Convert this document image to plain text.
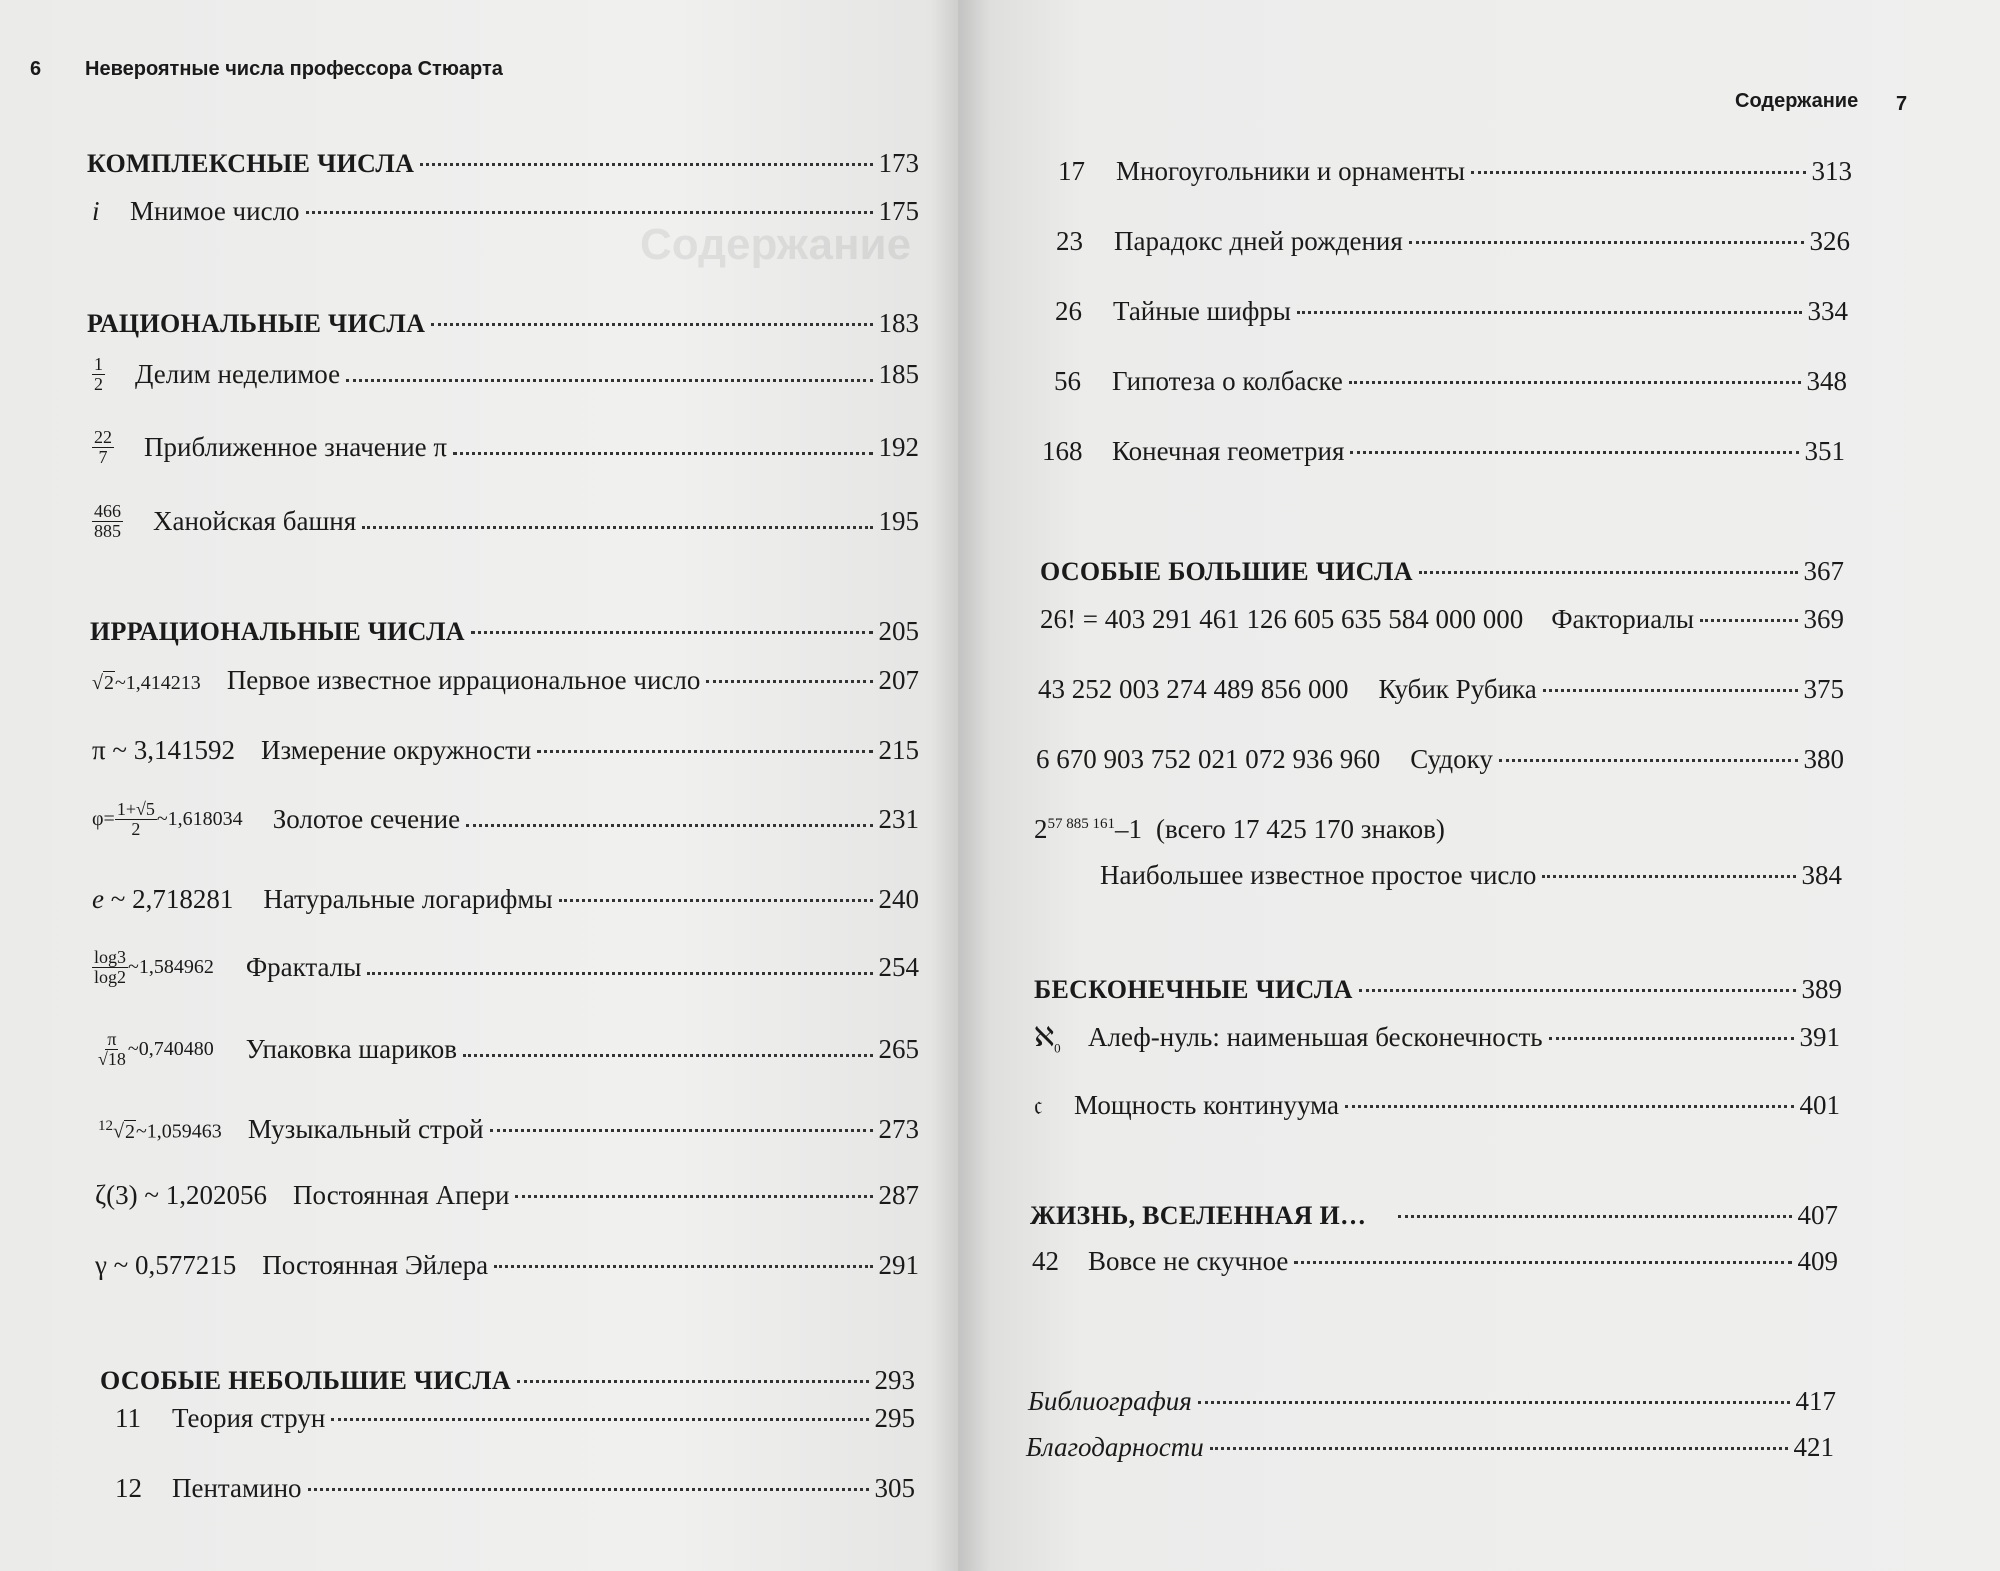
Содержание
6 Невероятные числа профессора Стюарта
Содержание 7
КОМПЛЕКСНЫЕ ЧИСЛА	173
i	Мнимое число	175
РАЦИОНАЛЬНЫЕ ЧИСЛА	183
$\frac{1}{2}$ Делим неделимое	185
$\frac{22}{7}$ Приближенное значение π	192
$\frac{466}{885}$ Ханойская башня	195
ИРРАЦИОНАЛЬНЫЕ ЧИСЛА	205
√2~1,414213 Первое известное иррациональное число	207
π ~ 3,141592 Измерение окружности	215
$\varphi= \frac{1+√5}{2}$ ~1,618034 Золотое сечение	231
e ~ 2,718281 Натуральные логарифмы	240
$\frac{\log 3}{\log 2}$ ~1,584962 Фракталы	254
$\frac{\pi}{√18}$ ~0,740480 Упаковка шариков	265
$^{12}$√2~1,059463 Музыкальный строй	273
ζ(3) ~ 1,202056 Постоянная Апери	287
γ ~ 0,577215 Постоянная Эйлера	291
ОСОБЫЕ НЕБОЛЬШИЕ ЧИСЛА	293
11	Теория струн	295
12	Пентамино	305
17	Многоугольники и орнаменты	313
23	Парадокс дней рождения	326
26	Тайные шифры	334
56	Гипотеза о колбаске	348
168	Конечная геометрия	351
ОСОБЫЕ БОЛЬШИЕ ЧИСЛА	367
26! = 403 291 461 126 605 635 584 000 000 Факториалы	369
43 252 003 274 489 856 000 Кубик Рубика	375
6 670 903 752 021 072 936 960 Судоку	380
$2^{57 885 161}-1$ (всего 17 425 170 знаков)
Наибольшее известное простое число	384
БЕСКОНЕЧНЫЕ ЧИСЛА	389
ℵ$_0$	Алеф-нуль: наименьшая бесконечность	391
𝔠	Мощность континуума	401
ЖИЗНЬ, ВСЕЛЕННАЯ И…	407
42	Вовсе не скучное	409
Библиография	417
Благодарности	421
